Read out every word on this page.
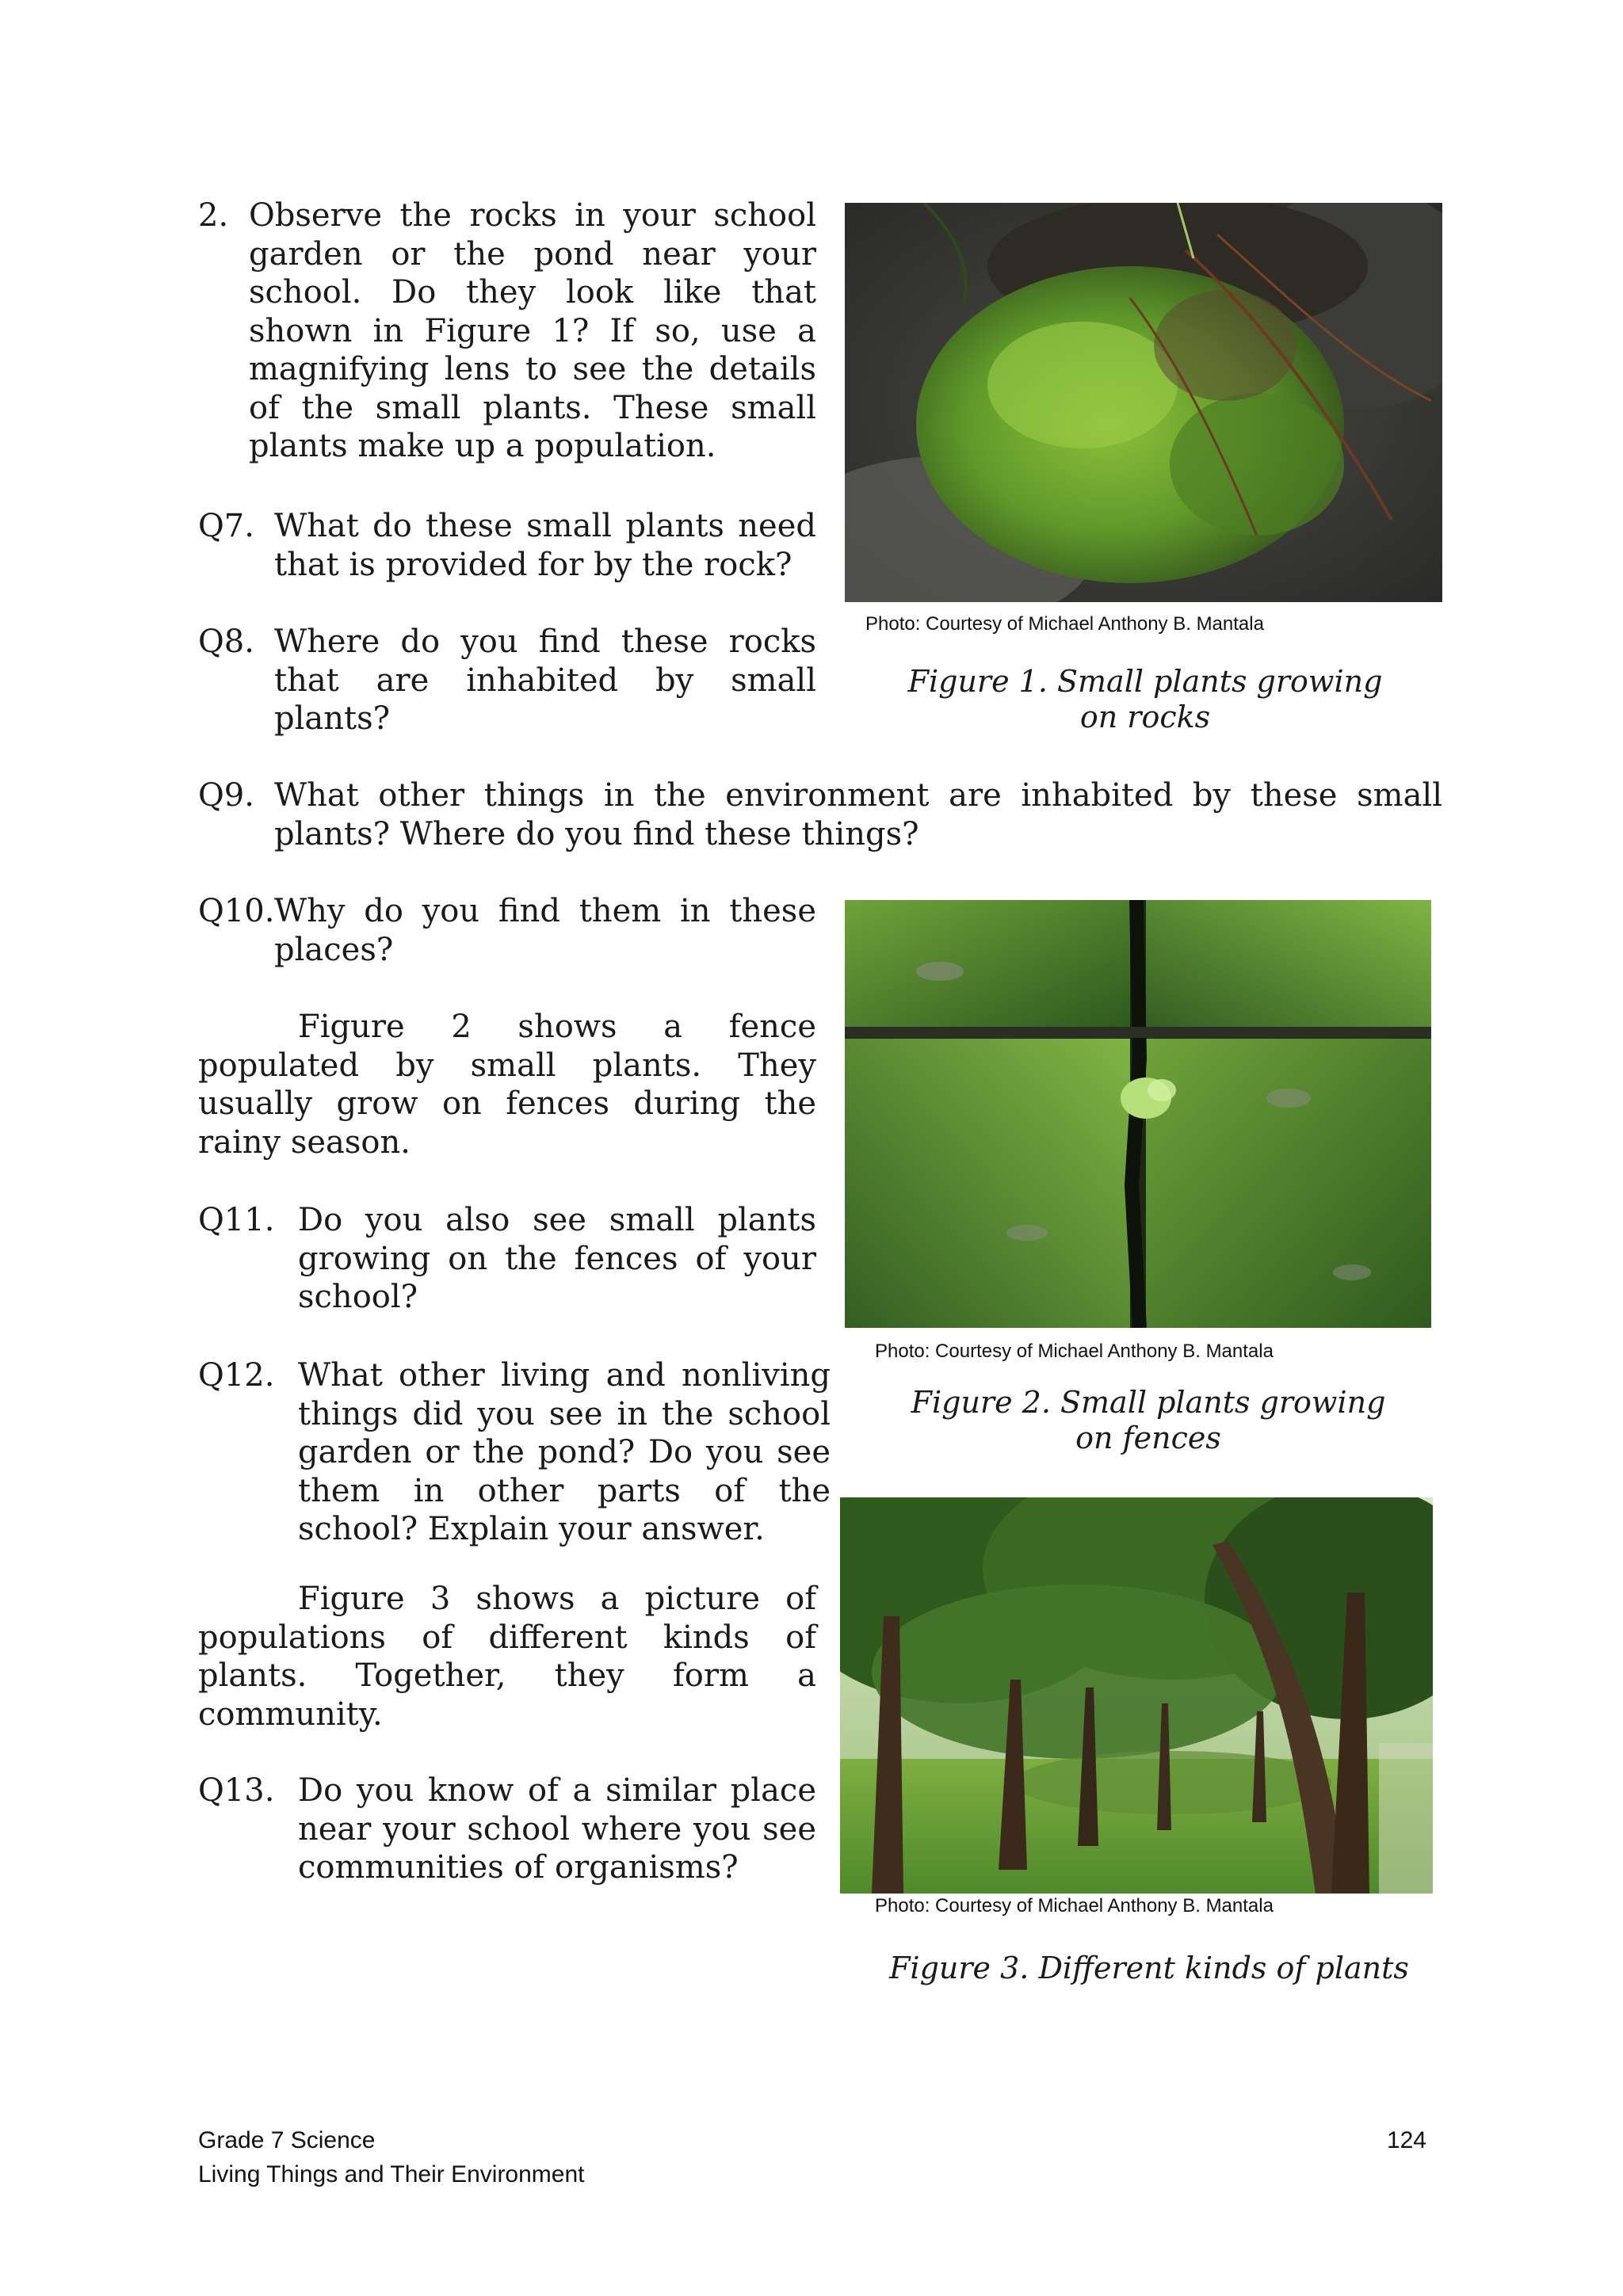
2. Observe the rocks in your school garden or the pond near your school. Do they look like that shown in Figure 1? If so, use a magnifying lens to see the details of the small plants. These small plants make up a population.
Q7. What do these small plants need that is provided for by the rock?
Q8. Where do you find these rocks that are inhabited by small plants?
Q9. What other things in the environment are inhabited by these small plants? Where do you find these things?
Q10. Why do you find them in these places?
Figure 2 shows a fence populated by small plants. They usually grow on fences during the rainy season.
Q11. Do you also see small plants growing on the fences of your school?
Q12. What other living and nonliving things did you see in the school garden or the pond? Do you see them in other parts of the school? Explain your answer.
Figure 3 shows a picture of populations of different kinds of plants. Together, they form a community.
Q13. Do you know of a similar place near your school where you see communities of organisms?
Photo: Courtesy of Michael Anthony B. Mantala
Figure 1. Small plants growing on rocks
Photo: Courtesy of Michael Anthony B. Mantala
Figure 2. Small plants growing on fences
Photo: Courtesy of Michael Anthony B. Mantala
Figure 3. Different kinds of plants
Grade 7 Science
Living Things and Their Environment
124
